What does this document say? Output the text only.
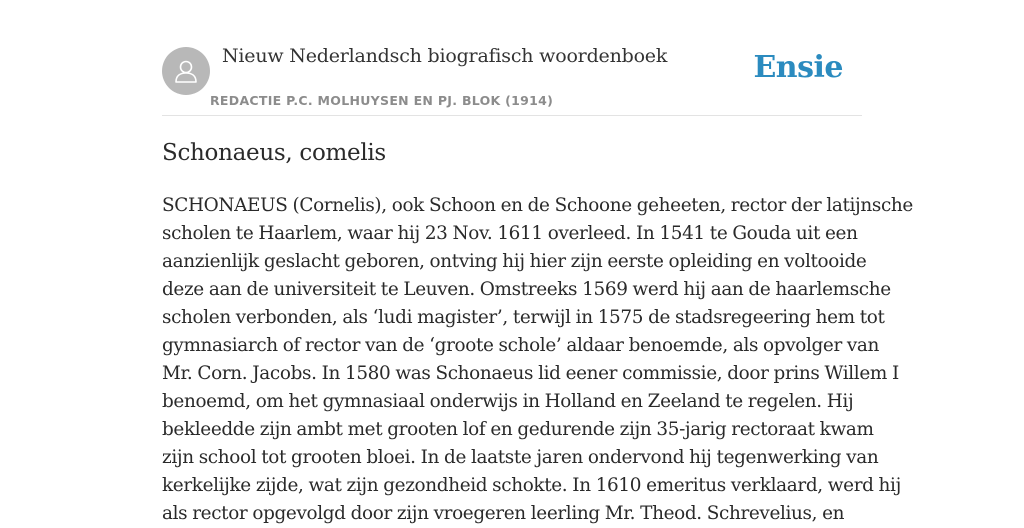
Nieuw Nederlandsch biografisch woordenboek
REDACTIE P.C. MOLHUYSEN EN PJ. BLOK (1914)
Ensie
Schonaeus, comelis

SCHONAEUS (Cornelis), ook Schoon en de Schoone geheeten, rector der latijnsche
scholen te Haarlem, waar hij 23 Nov. 1611 overleed. In 1541 te Gouda uit een
aanzienlijk geslacht geboren, ontving hij hier zijn eerste opleiding en voltooide
deze aan de universiteit te Leuven. Omstreeks 1569 werd hij aan de haarlemsche
scholen verbonden, als ‘ludi magister’, terwijl in 1575 de stadsregeering hem tot
gymnasiarch of rector van de ‘groote schole’ aldaar benoemde, als opvolger van
Mr. Corn. Jacobs. In 1580 was Schonaeus lid eener commissie, door prins Willem I
benoemd, om het gymnasiaal onderwijs in Holland en Zeeland te regelen. Hij
bekleedde zijn ambt met grooten lof en gedurende zijn 35-jarig rectoraat kwam
zijn school tot grooten bloei. In de laatste jaren ondervond hij tegenwerking van
kerkelijke zijde, wat zijn gezondheid schokte. In 1610 emeritus verklaard, werd hij
als rector opgevolgd door zijn vroegeren leerling Mr. Theod. Schrevelius, en
